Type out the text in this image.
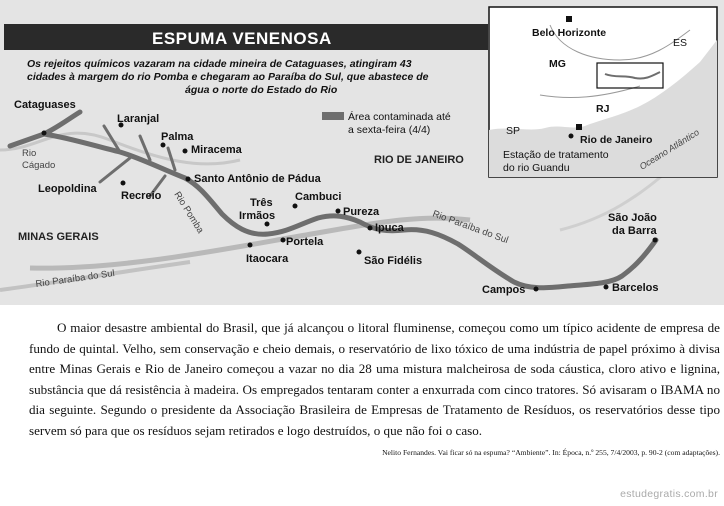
ESPUMA VENENOSA
Os rejeitos químicos vazaram na cidade mineira de Cataguases, atingiram 43
cidades à margem do rio Pomba e chegaram ao Paraíba do Sul, que abastece de
água o norte do Estado do Rio
Área contaminada até
a sexta-feira (4/4)
Cataguases
Laranjal
Palma
Miracema
Leopoldina
Recreio
Santo Antônio de Pádua
Três
Irmãos
Cambuci
Pureza
Portela
Ipuca
Itaocara	São Fidélis
São João
da Barra
Campos	Barcelos
Rio
Cágado
Rio Pomba	Rio Paraíba do Sul
Rio Paraíba do Sul
RIO DE JANEIRO
MINAS GERAIS
Belo Horizonte
ES
MG
RJ
SP
Rio de Janeiro
Estação de tratamento
do rio Guandu	Oceano Atlântico

O maior desastre ambiental do Brasil, que já alcançou o litoral fluminense, começou como um típico acidente de empresa de fundo de quintal. Velho, sem conservação e cheio demais, o reservatório de lixo tóxico de uma indústria de papel próximo à divisa entre Minas Gerais e Rio de Janeiro começou a vazar no dia 28 uma mistura malcheirosa de soda cáustica, cloro ativo e lignina, substância que dá resistência à madeira. Os empregados tentaram conter a enxurrada com cinco tratores. Só avisaram o IBAMA no dia seguinte. Segundo o presidente da Associação Brasileira de Empresas de Tratamento de Resíduos, os reservatórios desse tipo servem só para que os resíduos sejam retirados e logo destruídos, o que não foi o caso.

Nelito Fernandes. Vai ficar só na espuma? “Ambiente”. In: Época, n.º 255, 7/4/2003, p. 90-2 (com adaptações).
estudegratis.com.br
